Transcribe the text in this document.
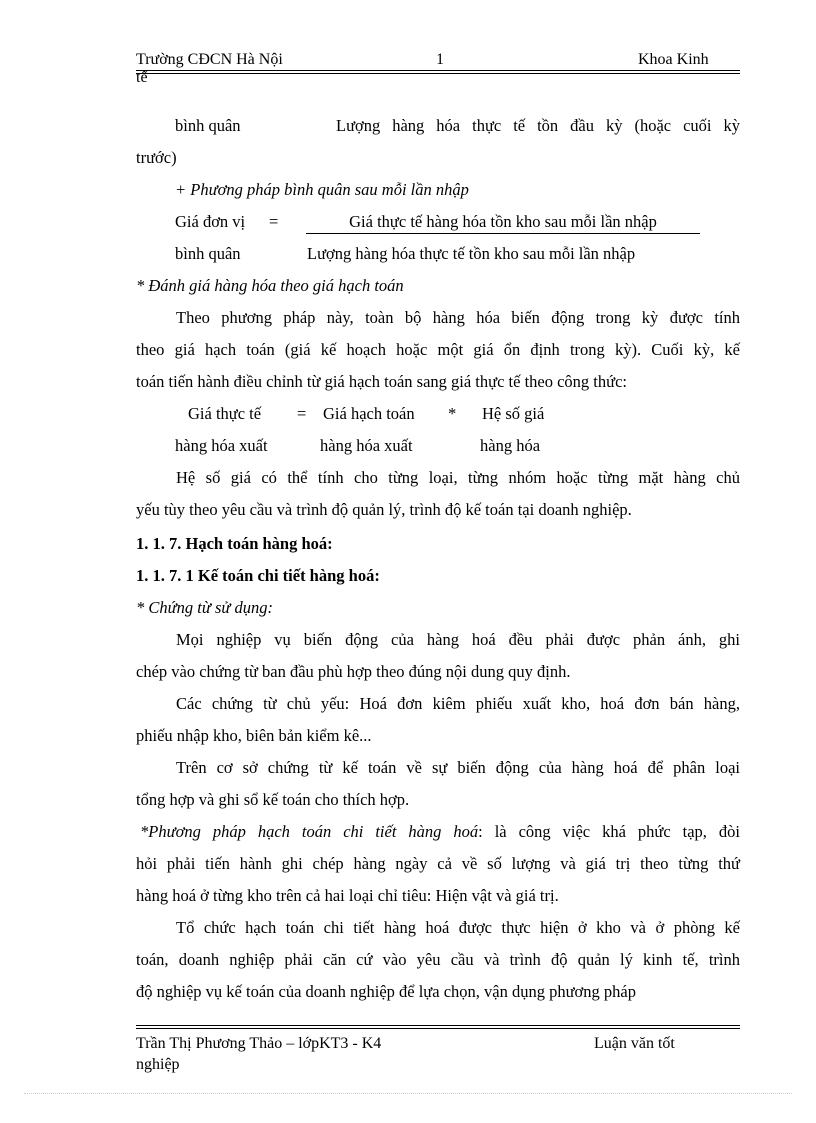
Trường CĐCN Hà Nội	1	Khoa Kinh
tế
bình quân	Lượng hàng hóa thực tế tồn đầu kỳ (hoặc cuối kỳ
trước)
+ Phương pháp bình quân sau mỗi lần nhập
Giá đơn vị =	Giá thực tế hàng hóa tồn kho sau mỗi lần nhập
bình quân	Lượng hàng hóa thực tế tồn kho sau mỗi lần nhập
* Đánh giá hàng hóa theo giá hạch toán
Theo phương pháp này, toàn bộ hàng hóa biến động trong kỳ được tính
theo giá hạch toán (giá kế hoạch hoặc một giá ổn định trong kỳ). Cuối kỳ, kế
toán tiến hành điều chỉnh từ giá hạch toán sang giá thực tế theo công thức:
Giá thực tế = Giá hạch toán * Hệ số giá
hàng hóa xuất	hàng hóa xuất	hàng hóa
Hệ số giá có thể tính cho từng loại, từng nhóm hoặc từng mặt hàng chủ
yếu tùy theo yêu cầu và trình độ quản lý, trình độ kế toán tại doanh nghiệp.
1. 1. 7. Hạch toán hàng hoá:
1. 1. 7. 1 Kế toán chi tiết hàng hoá:
* Chứng từ sử dụng:
Mọi nghiệp vụ biến động của hàng hoá đều phải được phản ánh, ghi
chép vào chứng từ ban đầu phù hợp theo đúng nội dung quy định.
Các chứng từ chủ yếu: Hoá đơn kiêm phiếu xuất kho, hoá đơn bán hàng,
phiếu nhập kho, biên bản kiểm kê...
Trên cơ sở chứng từ kế toán về sự biến động của hàng hoá để phân loại
tổng hợp và ghi sổ kế toán cho thích hợp.
*Phương pháp hạch toán chi tiết hàng hoá: là công việc khá phức tạp, đòi
hỏi phải tiến hành ghi chép hàng ngày cả về số lượng và giá trị theo từng thứ
hàng hoá ở từng kho trên cả hai loại chỉ tiêu: Hiện vật và giá trị.
Tổ chức hạch toán chi tiết hàng hoá được thực hiện ở kho và ở phòng kế
toán, doanh nghiệp phải căn cứ vào yêu cầu và trình độ quản lý kinh tế, trình
độ nghiệp vụ kế toán của doanh nghiệp để lựa chọn, vận dụng phương pháp
Trần Thị Phương Thảo – lớpKT3 - K4	Luận văn tốt
nghiệp
